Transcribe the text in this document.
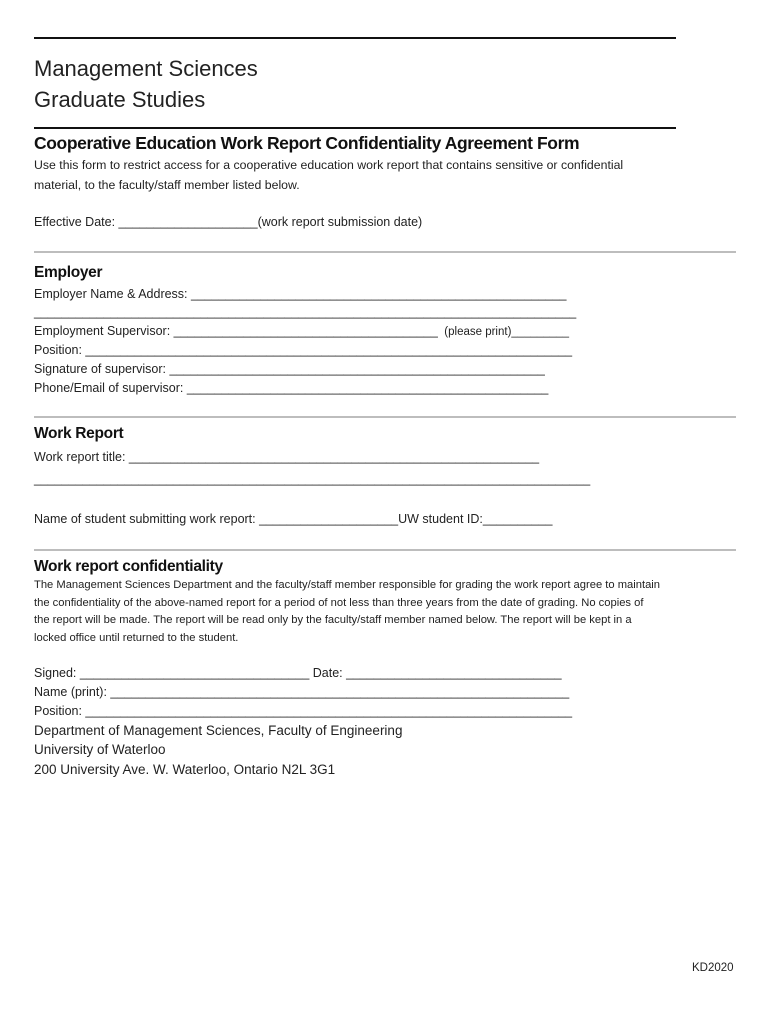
Management Sciences
Graduate Studies
Cooperative Education Work Report Confidentiality Agreement Form
Use this form to restrict access for a cooperative education work report that contains sensitive or confidential
material, to the faculty/staff member listed below.
Effective Date: ____________________(work report submission date)
Employer
Employer Name & Address: ______________________________________________________
______________________________________________________________________________
Employment Supervisor: ______________________________________ (please print)_________
Position: ______________________________________________________________________
Signature of supervisor: ______________________________________________________
Phone/Email of supervisor: ____________________________________________________
Work Report
Work report title: ___________________________________________________________
________________________________________________________________________________
Name of student submitting work report: ____________________UW student ID:__________
Work report confidentiality
The Management Sciences Department and the faculty/staff member responsible for grading the work report agree to maintain
the confidentiality of the above-named report for a period of not less than three years from the date of grading. No copies of
the report will be made. The report will be read only by the faculty/staff member named below. The report will be kept in a
locked office until returned to the student.
Signed: _________________________________ Date: _______________________________
Name (print): __________________________________________________________________
Position: ______________________________________________________________________
Department of Management Sciences, Faculty of Engineering
University of Waterloo
200 University Ave. W. Waterloo, Ontario N2L 3G1
KD2020
